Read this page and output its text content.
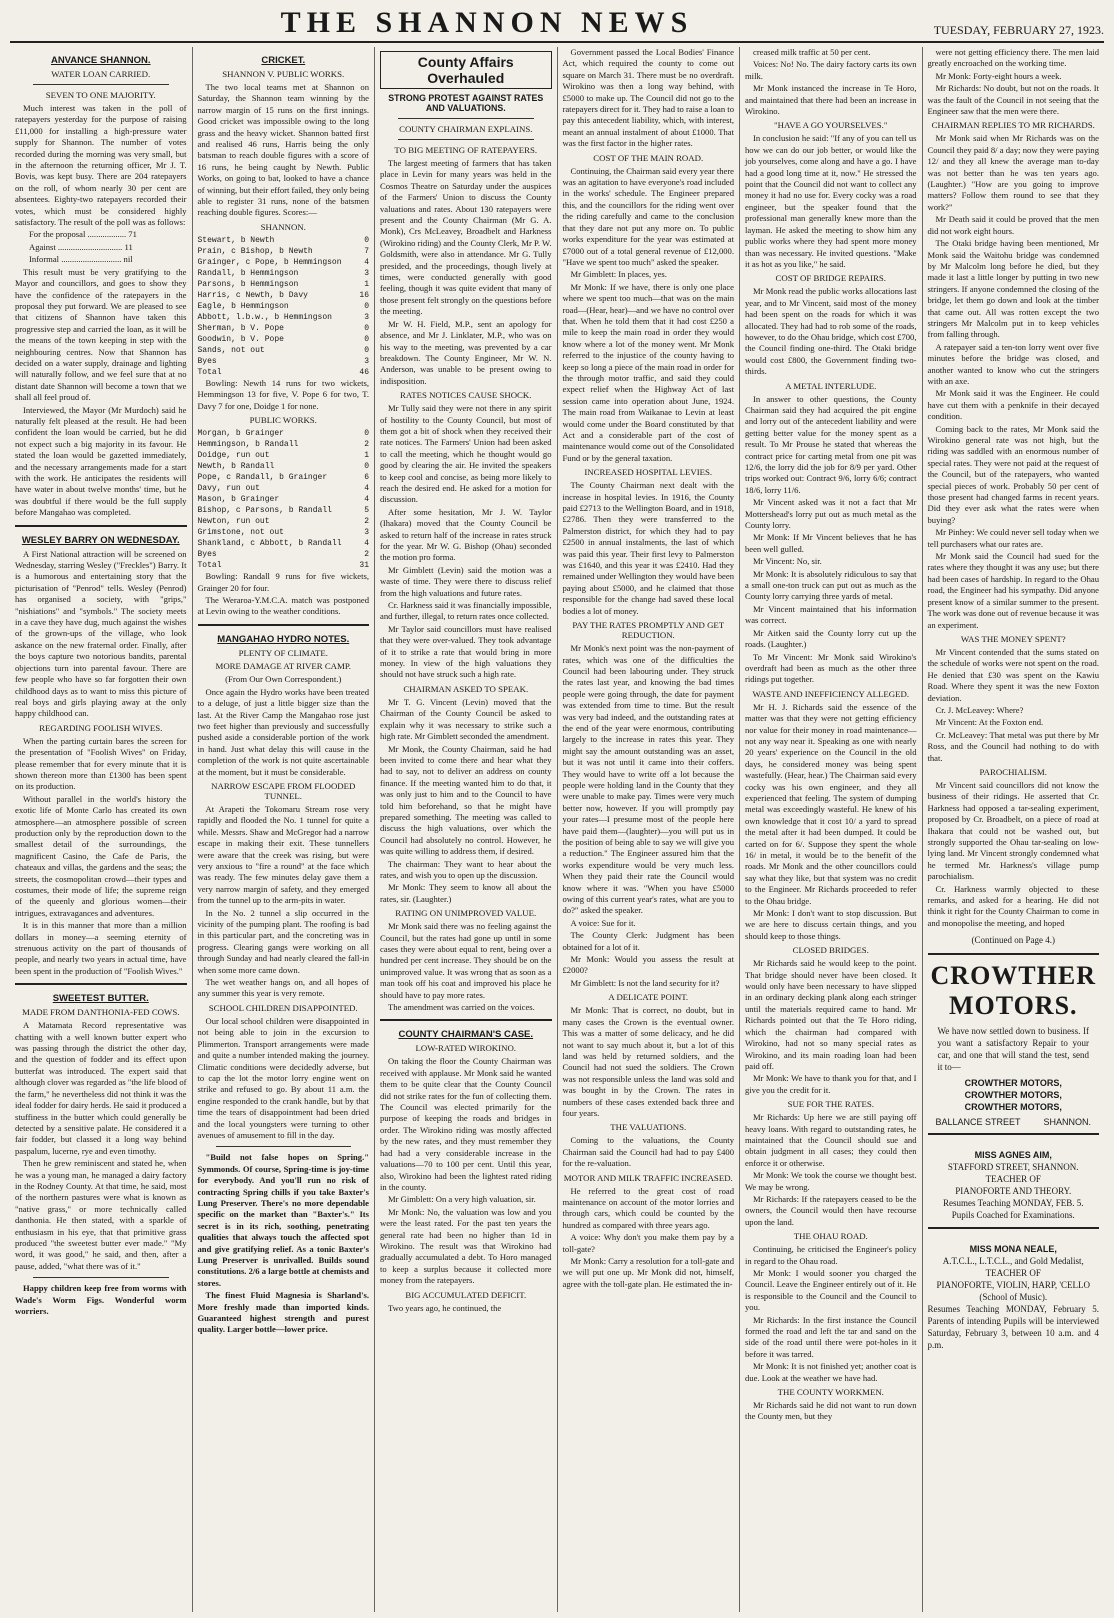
THE SHANNON NEWS	TUESDAY, FEBRUARY 27, 1923.
ANVANCE SHANNON.
WATER LOAN CARRIED.
SEVEN TO ONE MAJORITY.

Much interest was taken in the poll of ratepayers yesterday for the purpose of raising £11,000 for installing a high-pressure water supply for Shannon. The number of votes recorded during the morning was very small, but in the afternoon the returning officer, Mr J. T. Bovis, was kept busy. There are 204 ratepayers on the roll, of whom nearly 30 per cent are absentees. Eighty-two ratepayers recorded their votes, which must be considered highly satisfactory. The result of the poll was as follows:

For the proposal .................. 71

Against .............................. 11

Informal ............................ nil

This result must be very gratifying to the Mayor and councillors, and goes to show they have the confidence of the ratepayers in the proposal they put forward. We are pleased to see that citizens of Shannon have taken this progressive step and carried the loan, as it will be the means of the town keeping in step with the neighbouring centres. Now that Shannon has decided on a water supply, drainage and lighting will naturally follow, and we feel sure that at no distant date Shannon will become a town that we shall all feel proud of.

Interviewed, the Mayor (Mr Murdoch) said he naturally felt pleased at the result. He had been confident the loan would be carried, but he did not expect such a big majority in its favour. He stated the loan would be gazetted immediately, and the necessary arrangements made for a start with the work. He anticipates the residents will have water in about twelve months' time, but he was doubtful if there would be the full supply before Mangahao was completed.

WESLEY BARRY ON WEDNESDAY.

A First National attraction will be screened on Wednesday, starring Wesley ("Freckles") Barry. It is a humorous and entertaining story that the picturisation of "Penrod" tells. Wesley (Penrod) has organised a society, with "grips," "nishiations" and "symbols." The society meets in a cave they have dug, much against the wishes of the grown-ups of the village, who look askance on the new fraternal order. Finally, after the boys capture two notorious bandits, parental objections turn into parental favour. There are few people who have so far forgotten their own childhood days as to want to miss this picture of real boys and girls playing away at the only happy childhood can.

REGARDING FOOLISH WIVES.

When the parting curtain bares the screen for the presentation of "Foolish Wives" on Friday, please remember that for every minute that it is shown thereon more than £1300 has been spent on its production.

Without parallel in the world's history the exotic life of Monte Carlo has created its own atmosphere—an atmosphere possible of screen production only by the reproduction down to the smallest detail of the surroundings, the magnificent Casino, the Cafe de Paris, the chateaux and villas, the gardens and the seas; the streets, the cosmopolitan crowd—their types and costumes, their mode of life; the supreme reign of the queenly and glorious women—their intrigues, extravagances and adventures.

It is in this manner that more than a million dollars in money—a seeming eternity of strenuous activity on the part of thousands of people, and nearly two years in actual time, have been spent in the production of "Foolish Wives."

SWEETEST BUTTER.
MADE FROM DANTHONIA-FED COWS.

A Matamata Record representative was chatting with a well known butter expert who was passing through the district the other day, and the question of fodder and its effect upon butterfat was introduced. The expert said that although clover was regarded as "the life blood of the farm," he nevertheless did not think it was the ideal fodder for dairy herds. He said it produced a stuffiness in the butter which could generally be detected by a sensitive palate. He considered it a fair fodder, but classed it a long way behind paspalum, lucerne, rye and even timothy.

Then he grew reminiscent and stated he, when he was a young man, he managed a dairy factory in the Rodney County. At that time, he said, most of the northern pastures were what is known as "native grass," or more technically called danthonia. He then stated, with a sparkle of enthusiasm in his eye, that that primitive grass produced "the sweetest butter ever made." "My word, it was good," he said, and then, after a pause, added, "what there was of it."

Happy children keep free from worms with Wade's Worm Figs. Wonderful worm worriers.

CRICKET.
SHANNON V. PUBLIC WORKS.

The two local teams met at Shannon on Saturday, the Shannon team winning by the narrow margin of 15 runs on the first innings. Good cricket was impossible owing to the long grass and the heavy wicket. Shannon batted first and realised 46 runs, Harris being the only batsman to reach double figures with a score of 16 runs, he being caught by Newth. Public Works, on going to bat, looked to have a chance of winning, but their effort failed, they only being able to register 31 runs, none of the batsmen reaching double figures. Scores:—

SHANNON.
Stewart, b Newth	0
Prain, c Bishop, b Newth	7
Grainger, c Pope, b Hemmingson	4
Randall, b Hemmingson	3
Parsons, b Hemmingson	1
Harris, c Newth, b Davy	16
Eagle, b Hemmingson	0
Abbott, l.b.w., b Hemmingson	3
Sherman, b V. Pope	0
Goodwin, b V. Pope	0
Sands, not out	0
Byes	3
Total	46

Bowling: Newth 14 runs for two wickets, Hemmingson 13 for five, V. Pope 6 for two, T. Davy 7 for one, Doidge 1 for none.

PUBLIC WORKS.
Morgan, b Grainger	0
Hemmingson, b Randall	2
Doidge, run out	1
Newth, b Randall	0
Pope, c Randall, b Grainger	6
Davy, run out	4
Mason, b Grainger	4
Bishop, c Parsons, b Randall	5
Newton, run out	2
Grimstone, not out	3
Shankland, c Abbott, b Randall	4
Byes	2
Total	31

Bowling: Randall 9 runs for five wickets, Grainger 20 for four.

The Weraroa-Y.M.C.A. match was postponed at Levin owing to the weather conditions.

MANGAHAO HYDRO NOTES.
PLENTY OF CLIMATE.
MORE DAMAGE AT RIVER CAMP.
(From Our Own Correspondent.)

Once again the Hydro works have been treated to a deluge, of just a little bigger size than the last. At the River Camp the Mangahao rose just two feet higher than previously and successfully pushed aside a considerable portion of the work in hand. Just what delay this will cause in the completion of the work is not quite ascertainable at the moment, but it must be considerable.

NARROW ESCAPE FROM FLOODED TUNNEL.

At Arapeti the Tokomaru Stream rose very rapidly and flooded the No. 1 tunnel for quite a while. Messrs. Shaw and McGregor had a narrow escape in making their exit. These tunnellers were aware that the creek was rising, but were very anxious to "fire a round" at the face which was ready. The few minutes delay gave them a very narrow margin of safety, and they emerged from the tunnel up to the arm-pits in water.

In the No. 2 tunnel a slip occurred in the vicinity of the pumping plant. The roofing is bad in this particular part, and the concreting was in progress. Clearing gangs were working on all through Sunday and had nearly cleared the fall-in when some more came down.

The wet weather hangs on, and all hopes of any summer this year is very remote.

SCHOOL CHILDREN DISAPPOINTED.

Our local school children were disappointed in not being able to join in the excursion to Plimmerton. Transport arrangements were made and quite a number intended making the journey. Climatic conditions were decidedly adverse, but to cap the lot the motor lorry engine went on strike and refused to go. By about 11 a.m. the engine responded to the crank handle, but by that time the tears of disappointment had been dried and the local youngsters were turning to other avenues of amusement to fill in the day.

"Build not false hopes on Spring." Symmonds. Of course, Spring-time is joy-time for everybody. And you'll run no risk of contracting Spring chills if you take Baxter's Lung Preserver. There's no more dependable specific on the market than "Baxter's." Its secret is in its rich, soothing, penetrating qualities that always touch the affected spot and give gratifying relief. As a tonic Baxter's Lung Preserver is unrivalled. Builds sound constitutions. 2/6 a large bottle at chemists and stores.

The finest Fluid Magnesia is Sharland's. More freshly made than imported kinds. Guaranteed highest strength and purest quality. Larger bottle—lower price.

County Affairs Overhauled
STRONG PROTEST AGAINST RATES AND VALUATIONS.
COUNTY CHAIRMAN EXPLAINS.
TO BIG MEETING OF RATEPAYERS.

The largest meeting of farmers that has taken place in Levin for many years was held in the Cosmos Theatre on Saturday under the auspices of the Farmers' Union to discuss the County valuations and rates. About 130 ratepayers were present and the County Chairman (Mr G. A. Monk), Crs McLeavey, Broadbelt and Harkness (Wirokino riding) and the County Clerk, Mr P. W. Goldsmith, were also in attendance. Mr G. Tully presided, and the proceedings, though lively at times, were conducted generally with good feeling, though it was quite evident that many of those present felt strongly on the questions before the meeting.

Mr W. H. Field, M.P., sent an apology for absence, and Mr J. Linklater, M.P., who was on his way to the meeting, was prevented by a car breakdown. The County Engineer, Mr W. N. Anderson, was unable to be present owing to indisposition.

RATES NOTICES CAUSE SHOCK.

Mr Tully said they were not there in any spirit of hostility to the County Council, but most of them got a bit of shock when they received their rate notices. The Farmers' Union had been asked to call the meeting, which he thought would go good by clearing the air. He invited the speakers to keep cool and concise, as being more likely to reach the desired end. He asked for a motion for discussion.

After some hesitation, Mr J. W. Taylor (Ihakara) moved that the County Council be asked to return half of the increase in rates struck for the year. Mr W. G. Bishop (Ohau) seconded the motion pro forma.

Mr Gimblett (Levin) said the motion was a waste of time. They were there to discuss relief from the high valuations and future rates.

Cr. Harkness said it was financially impossible, and further, illegal, to return rates once collected.

Mr Taylor said councillors must have realised that they were over-valued. They took advantage of it to strike a rate that would bring in more money. In view of the high valuations they should not have struck such a high rate.

CHAIRMAN ASKED TO SPEAK.

Mr T. G. Vincent (Levin) moved that the Chairman of the County Council be asked to explain why it was necessary to strike such a high rate. Mr Gimblett seconded the amendment.

Mr Monk, the County Chairman, said he had been invited to come there and hear what they had to say, not to deliver an address on county finance. If the meeting wanted him to do that, it was only just to him and to the Council to have told him beforehand, so that he might have prepared something. The meeting was called to discuss the high valuations, over which the Council had absolutely no control. However, he was quite willing to address them, if desired.

The chairman: They want to hear about the rates, and wish you to open up the discussion.

Mr Monk: They seem to know all about the rates, sir. (Laughter.)

RATING ON UNIMPROVED VALUE.

Mr Monk said there was no feeling against the Council, but the rates had gone up until in some cases they were about equal to rent, being over a hundred per cent increase. They should be on the unimproved value. It was wrong that as soon as a man took off his coat and improved his place he should have to pay more rates.

The amendment was carried on the voices.

COUNTY CHAIRMAN'S CASE.
LOW-RATED WIROKINO.

On taking the floor the County Chairman was received with applause. Mr Monk said he wanted them to be quite clear that the County Council did not strike rates for the fun of collecting them. The Council was elected primarily for the purpose of keeping the roads and bridges in order. The Wirokino riding was mostly affected by the new rates, and they must remember they had had a very considerable increase in the valuations—70 to 100 per cent. Until this year, also, Wirokino had been the lightest rated riding in the county.

Mr Gimblett: On a very high valuation, sir.

Mr Monk: No, the valuation was low and you were the least rated. For the past ten years the general rate had been no higher than 1d in Wirokino. The result was that Wirokino had gradually accumulated a debt. To Horo managed to keep a surplus because it collected more money from the ratepayers.

BIG ACCUMULATED DEFICIT.

Two years ago, he continued, the

Government passed the Local Bodies' Finance Act, which required the county to come out square on March 31. There must be no overdraft. Wirokino was then a long way behind, with £5000 to make up. The Council did not go to the ratepayers direct for it. They had to raise a loan to pay this antecedent liability, which, with interest, meant an annual instalment of about £1000. That was the first factor in the higher rates.

COST OF THE MAIN ROAD.

Continuing, the Chairman said every year there was an agitation to have everyone's road included in the works' schedule. The Engineer prepared this, and the councillors for the riding went over the riding carefully and came to the conclusion that they dare not put any more on. To public works expenditure for the year was estimated at £7000 out of a total general revenue of £12,000. "Have we spent too much" asked the speaker.

Mr Gimblett: In places, yes.

Mr Monk: If we have, there is only one place where we spent too much—that was on the main road—(Hear, hear)—and we have no control over that. When he told them that it had cost £250 a mile to keep the main road in order they would know where a lot of the money went. Mr Monk referred to the injustice of the county having to keep so long a piece of the main road in order for the through motor traffic, and said they could expect relief when the Highway Act of last session came into operation about June, 1924. The main road from Waikanae to Levin at least would come under the Board constituted by that Act and a considerable part of the cost of maintenance would come out of the Consolidated Fund or by the general taxation.

INCREASED HOSPITAL LEVIES.

The County Chairman next dealt with the increase in hospital levies. In 1916, the County paid £2713 to the Wellington Board, and in 1918, £2786. Then they were transferred to the Palmerston district, for which they had to pay £2500 in annual instalments, the last of which was paid this year. Their first levy to Palmerston was £1640, and this year it was £2410. Had they remained under Wellington they would have been paying about £5000, and he claimed that those responsible for the change had saved these local bodies a lot of money.

PAY THE RATES PROMPTLY AND GET REDUCTION.

Mr Monk's next point was the non-payment of rates, which was one of the difficulties the Council had been labouring under. They struck the rates last year, and knowing the bad times people were going through, the date for payment was extended from time to time. But the result was very bad indeed, and the outstanding rates at the end of the year were enormous, contributing largely to the increase in rates this year. They might say the amount outstanding was an asset, but it was not until it came into their coffers. They would have to write off a lot because the people were holding land in the County that they were unable to make pay. Times were very much better now, however. If you will promptly pay your rates—I presume most of the people here have paid them—(laughter)—you will put us in the position of being able to say we will give you a reduction." The Engineer assured him that the works expenditure would be very much less. When they paid their rate the Council would know where it was. "When you have £5000 owing of this current year's rates, what are you to do?" asked the speaker.

A voice: Sue for it.

The County Clerk: Judgment has been obtained for a lot of it.

Mr Monk: Would you assess the result at £2000?

Mr Gimblett: Is not the land security for it?

A DELICATE POINT.

Mr Monk: That is correct, no doubt, but in many cases the Crown is the eventual owner. This was a matter of some delicacy, and he did not want to say much about it, but a lot of this land was held by returned soldiers, and the Council had not sued the soldiers. The Crown was not responsible unless the land was sold and was bought in by the Crown. The rates in numbers of these cases extended back three and four years.

THE VALUATIONS.

Coming to the valuations, the County Chairman said the Council had had to pay £400 for the re-valuation.

MOTOR AND MILK TRAFFIC INCREASED.

He referred to the great cost of road maintenance on account of the motor lorries and through cars, which could be counted by the hundred as compared with three years ago.

A voice: Why don't you make them pay by a toll-gate?

Mr Monk: Carry a resolution for a toll-gate and we will put one up. Mr Monk did not, himself, agree with the toll-gate plan. He estimated the in-

creased milk traffic at 50 per cent.

Voices: No! No. The dairy factory carts its own milk.

Mr Monk instanced the increase in Te Horo, and maintained that there had been an increase in Wirokino.

"HAVE A GO YOURSELVES."

In conclusion he said: "If any of you can tell us how we can do our job better, or would like the job yourselves, come along and have a go. I have had a good long time at it, now." He stressed the point that the Council did not want to collect any money it had no use for. Every cocky was a road engineer, but the speaker found that the professional man generally knew more than the layman. He asked the meeting to show him any public works where they had spent more money than was necessary. He invited questions. "Make it as hot as you like," he said.

COST OF BRIDGE REPAIRS.

Mr Monk read the public works allocations last year, and to Mr Vincent, said most of the money had been spent on the roads for which it was allocated. They had had to rob some of the roads, however, to do the Ohau bridge, which cost £700, the Council finding one-third. The Otaki bridge would cost £800, the Government finding two-thirds.

A METAL INTERLUDE.

In answer to other questions, the County Chairman said they had acquired the pit engine and lorry out of the antecedent liability and were getting better value for the money spent as a result. To Mr Prouse he stated that whereas the contract price for carting metal from one pit was 12/6, the lorry did the job for 8/9 per yard. Other trips worked out: Contract 9/6, lorry 6/6; contract 18/6, lorry 11/6.

Mr Vincent asked was it not a fact that Mr Mottershead's lorry put out as much metal as the County lorry.

Mr Monk: If Mr Vincent believes that he has been well gulled.

Mr Vincent: No, sir.

Mr Monk: It is absolutely ridiculous to say that a small one-ton truck can put out as much as the County lorry carrying three yards of metal.

Mr Vincent maintained that his information was correct.

Mr Aitken said the County lorry cut up the roads. (Laughter.)

To Mr Vincent: Mr Monk said Wirokino's overdraft had been as much as the other three ridings put together.

WASTE AND INEFFICIENCY ALLEGED.

Mr H. J. Richards said the essence of the matter was that they were not getting efficiency nor value for their money in road maintenance—not any way near it. Speaking as one with nearly 20 years' experience on the Council in the old days, he considered money was being spent wastefully. (Hear, hear.) The Chairman said every cocky was his own engineer, and they all experienced that feeling. The system of dumping metal was exceedingly wasteful. He knew of his own knowledge that it cost 10/ a yard to spread the metal after it had been dumped. It could be carted on for 6/. Suppose they spent the whole 16/ in metal, it would be to the benefit of the roads. Mr Monk and the other councillors could say what they like, but that system was no credit to the Engineer. Mr Richards proceeded to refer to the Ohau bridge.

Mr Monk: I don't want to stop discussion. But we are here to discuss certain things, and you should keep to those things.

CLOSED BRIDGES.

Mr Richards said he would keep to the point. That bridge should never have been closed. It would only have been necessary to have slipped in an ordinary decking plank along each stringer until the materials required came to hand. Mr Richards pointed out that the Te Horo riding, which the chairman had compared with Wirokino, had not so many special rates as Wirokino, and its main roading loan had been paid off.

Mr Monk: We have to thank you for that, and I give you the credit for it.

SUE FOR THE RATES.

Mr Richards: Up here we are still paying off heavy loans. With regard to outstanding rates, he maintained that the Council should sue and obtain judgment in all cases; they could then enforce it or otherwise.

Mr Monk: We took the course we thought best. We may be wrong.

Mr Richards: If the ratepayers ceased to be the owners, the Council would then have recourse upon the land.

THE OHAU ROAD.

Continuing, he criticised the Engineer's policy in regard to the Ohau road.

Mr Monk: I would sooner you charged the Council. Leave the Engineer entirely out of it. He is responsible to the Council and the Council to you.

Mr Richards: In the first instance the Council formed the road and left the tar and sand on the side of the road until there were pot-holes in it before it was tarred.

Mr Monk: It is not finished yet; another coat is due. Look at the weather we have had.

THE COUNTY WORKMEN.

Mr Richards said he did not want to run down the County men, but they

were not getting efficiency there. The men laid greatly encroached on the working time.

Mr Monk: Forty-eight hours a week.

Mr Richards: No doubt, but not on the roads. It was the fault of the Council in not seeing that the Engineer saw that the men were there.

CHAIRMAN REPLIES TO MR RICHARDS.

Mr Monk said when Mr Richards was on the Council they paid 8/ a day; now they were paying 12/ and they all knew the average man to-day was not better than he was ten years ago. (Laughter.) "How are you going to improve matters? Follow them round to see that they work?"

Mr Death said it could be proved that the men did not work eight hours.

The Otaki bridge having been mentioned, Mr Monk said the Waitohu bridge was condemned by Mr Malcolm long before he died, but they made it last a little longer by putting in two new stringers. If anyone condemned the closing of the bridge, let them go down and look at the timber that came out. All was rotten except the two stringers Mr Malcolm put in to keep vehicles from falling through.

A ratepayer said a ten-ton lorry went over five minutes before the bridge was closed, and another wanted to know who cut the stringers with an axe.

Mr Monk said it was the Engineer. He could have cut them with a penknife in their decayed condition.

Coming back to the rates, Mr Monk said the Wirokino general rate was not high, but the riding was saddled with an enormous number of special rates. They were not paid at the request of the Council, but of the ratepayers, who wanted special pieces of work. Probably 50 per cent of those present had changed farms in recent years. Did they ever ask what the rates were when buying?

Mr Pinhey: We could never sell today when we tell purchasers what our rates are.

Mr Monk said the Council had sued for the rates where they thought it was any use; but there had been cases of hardship. In regard to the Ohau road, the Engineer had his sympathy. Did anyone present know of a similar summer to the present. The work was done out of revenue because it was an experiment.

WAS THE MONEY SPENT?

Mr Vincent contended that the sums stated on the schedule of works were not spent on the road. He denied that £30 was spent on the Kawiu Road. Where they spent it was the new Foxton deviation.

Cr. J. McLeavey: Where?

Mr Vincent: At the Foxton end.

Cr. McLeavey: That metal was put there by Mr Ross, and the Council had nothing to do with that.

PAROCHIALISM.

Mr Vincent said councillors did not know the business of their ridings. He asserted that Cr. Harkness had opposed a tar-sealing experiment, proposed by Cr. Broadbelt, on a piece of road at Ihakara that could not be washed out, but strongly supported the Ohau tar-sealing on low-lying land. Mr Vincent strongly condemned what he termed Mr. Harkness's village pump parochialism.

Cr. Harkness warmly objected to these remarks, and asked for a hearing. He did not think it right for the County Chairman to come in and monopolise the meeting, and hoped

(Continued on Page 4.)
CROWTHER MOTORS.
We have now settled down to business. If you want a satisfactory Repair to your car, and one that will stand the test, send it to—
CROWTHER MOTORS,
CROWTHER MOTORS,
CROWTHER MOTORS,
BALLANCE STREET	SHANNON.
MISS AGNES AIM,
STAFFORD STREET, SHANNON.
TEACHER OF
PIANOFORTE AND THEORY.
Resumes Teaching MONDAY, FEB. 5.
Pupils Coached for Examinations.
MISS MONA NEALE,
A.T.C.L., L.T.C.L., and Gold Medalist,
TEACHER OF
PIANOFORTE, VIOLIN, HARP, 'CELLO
(School of Music).
Resumes Teaching MONDAY, February 5. Parents of intending Pupils will be interviewed Saturday, February 3, between 10 a.m. and 4 p.m.
